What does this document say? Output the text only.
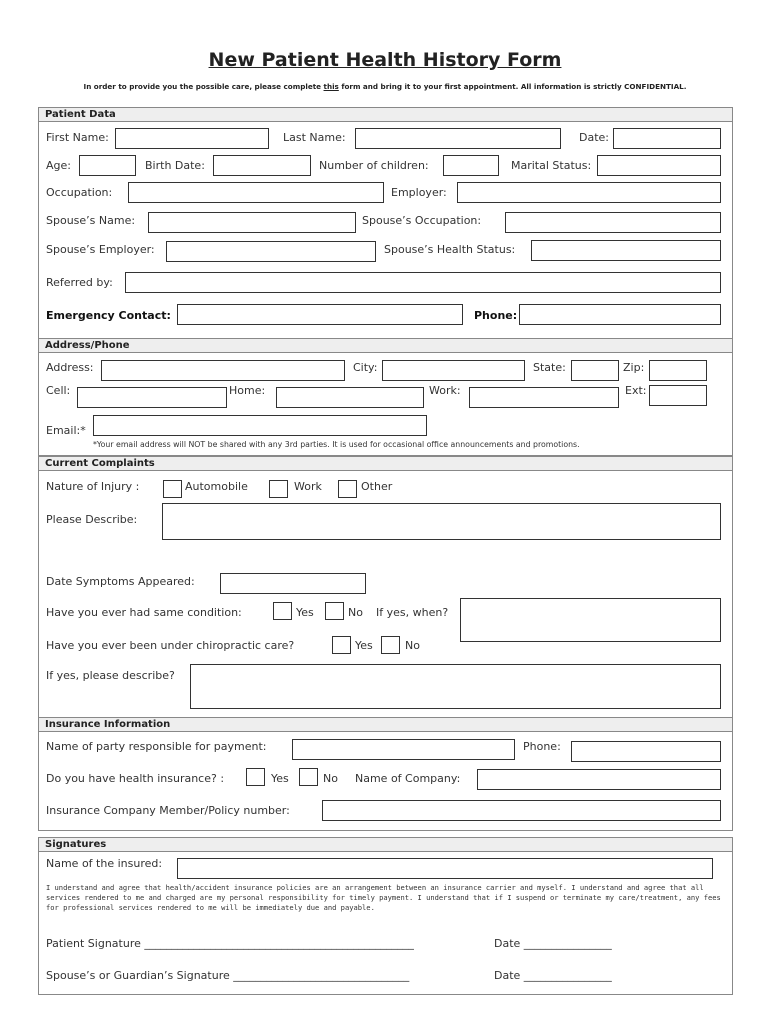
New Patient Health History Form
In order to provide you the possible care, please complete this form and bring it to your first appointment. All information is strictly CONFIDENTIAL.
Patient Data
First Name:	Last Name:	Date:
Age:	Birth Date:	Number of children:	Marital Status:
Occupation:	Employer:
Spouse’s Name:	Spouse’s Occupation:
Spouse’s Employer:	Spouse’s Health Status:
Referred by:
Emergency Contact:	Phone:
Address/Phone
Address:	City:	State:	Zip:
Cell:	Home:	Work:	Ext:
Email:*
*Your email address will NOT be shared with any 3rd parties. It is used for occasional office announcements and promotions.
Current Complaints
Nature of Injury :	Automobile	Work	Other
Please Describe:
Date Symptoms Appeared:
Have you ever had same condition:	Yes	No If yes, when?
Have you ever been under chiropractic care?	Yes	No
If yes, please describe?
Insurance Information
Name of party responsible for payment:	Phone:
Do you have health insurance? :	Yes	No Name of Company:
Insurance Company Member/Policy number:
Signatures
Name of the insured:
I understand and agree that health/accident insurance policies are an arrangement between an insurance carrier and myself. I understand and agree that all services rendered to me and charged are my personal responsibility for timely payment. I understand that if I suspend or terminate my care/treatment, any fees for professional services rendered to me will be immediately due and payable.
Patient Signature _________________________________________________	Date ________________
Spouse’s or Guardian’s Signature ________________________________	Date ________________
